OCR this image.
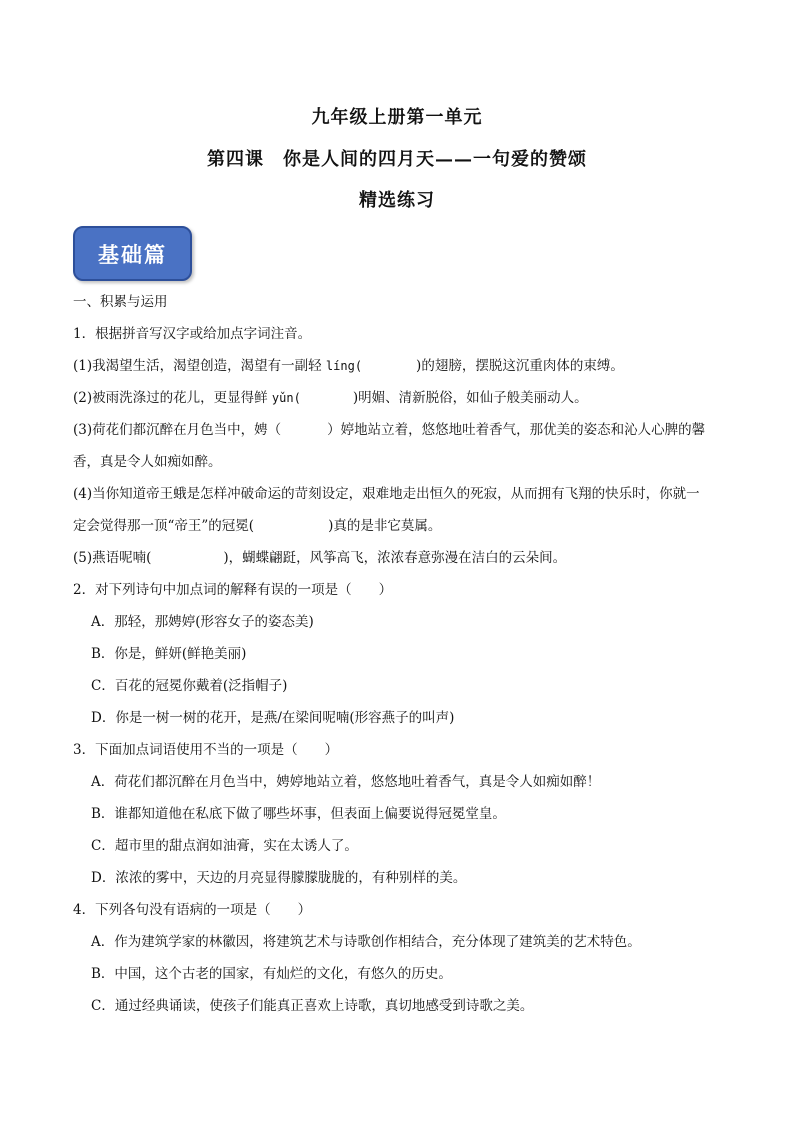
九年级上册第一单元
第四课　你是人间的四月天——一句爱的赞颂
精选练习
基础篇
一、积累与运用
1．根据拼音写汉字或给加点字词注音。
(1)我渴望生活，渴望创造，渴望有一副轻 líng(	)的翅膀，摆脱这沉重肉体的束缚。
(2)被雨洗涤过的花儿，更显得鲜 yǔn(	)明媚、清新脱俗，如仙子般美丽动人。
(3)荷花们都沉醉在月色当中，娉（	）婷地站立着，悠悠地吐着香气，那优美的姿态和沁人心脾的馨
香，真是令人如痴如醉。
(4)当你知道帝王蛾是怎样冲破命运的苛刻设定，艰难地走出恒久的死寂，从而拥有飞翔的快乐时，你就一
定会觉得那一顶“帝王”的冠冕(	)真的是非它莫属。
(5)燕语呢喃(	)，蝴蝶翩跹，风筝高飞，浓浓春意弥漫在洁白的云朵间。
2．对下列诗句中加点词的解释有误的一项是（　　）
A．那轻，那娉婷(形容女子的姿态美)
B．你是，鲜妍(鲜艳美丽)
C．百花的冠冕你戴着(泛指帽子)
D．你是一树一树的花开，是燕/在梁间呢喃(形容燕子的叫声)
3．下面加点词语使用不当的一项是（　　）
A．荷花们都沉醉在月色当中，娉婷地站立着，悠悠地吐着香气，真是令人如痴如醉！
B．谁都知道他在私底下做了哪些坏事，但表面上偏要说得冠冕堂皇。
C．超市里的甜点润如油膏，实在太诱人了。
D．浓浓的雾中，天边的月亮显得朦朦胧胧的，有种别样的美。
4．下列各句没有语病的一项是（　　）
A．作为建筑学家的林徽因，将建筑艺术与诗歌创作相结合，充分体现了建筑美的艺术特色。
B．中国，这个古老的国家，有灿烂的文化，有悠久的历史。
C．通过经典诵读，使孩子们能真正喜欢上诗歌，真切地感受到诗歌之美。
